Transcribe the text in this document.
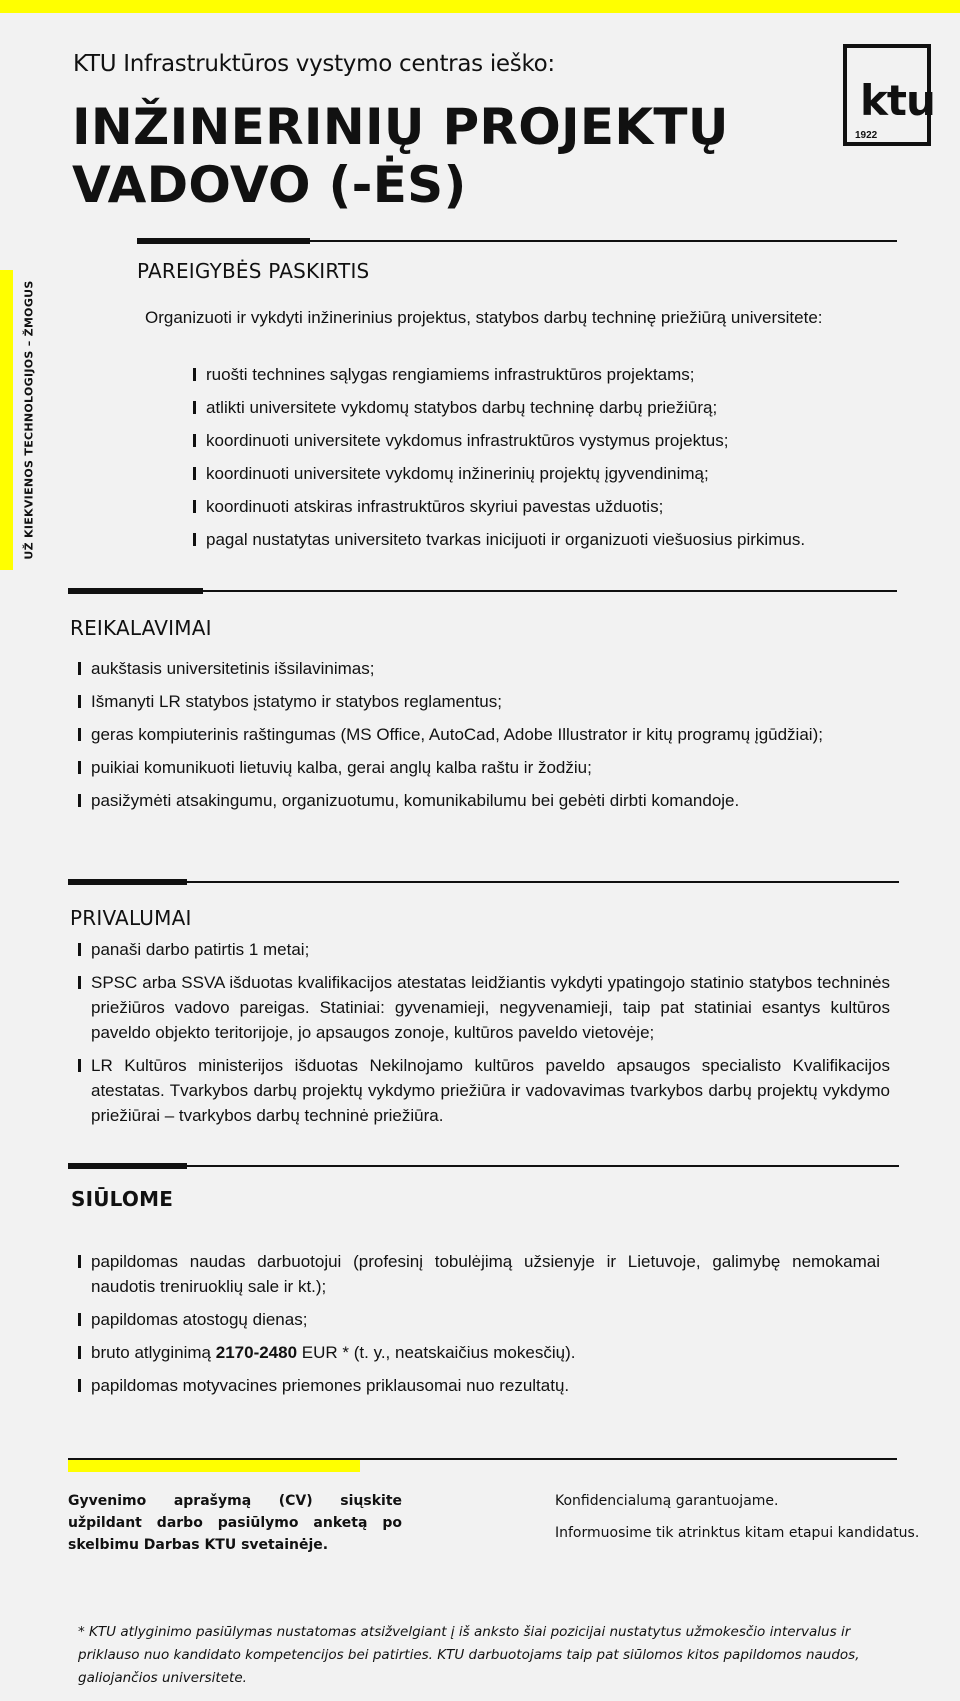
UŽ KIEKVIENOS TECHNOLOGIJOS – ŽMOGUS
KTU Infrastruktūros vystymo centras ieško:
INŽINERINIŲ PROJEKTŲ
VADOVO (-ĖS)
ktu
1922
PAREIGYBĖS PASKIRTIS
Organizuoti ir vykdyti inžinerinius projektus, statybos darbų techninę priežiūrą universitete:
ruošti technines sąlygas rengiamiems infrastruktūros projektams;
atlikti universitete vykdomų statybos darbų techninę darbų priežiūrą;
koordinuoti universitete vykdomus infrastruktūros vystymus projektus;
koordinuoti universitete vykdomų inžinerinių projektų įgyvendinimą;
koordinuoti atskiras infrastruktūros skyriui pavestas užduotis;
pagal nustatytas universiteto tvarkas inicijuoti ir organizuoti viešuosius pirkimus.
REIKALAVIMAI
aukštasis universitetinis išsilavinimas;
Išmanyti LR statybos įstatymo ir statybos reglamentus;
geras kompiuterinis raštingumas (MS Office, AutoCad, Adobe Illustrator ir kitų programų įgūdžiai);
puikiai komunikuoti lietuvių kalba, gerai anglų kalba raštu ir žodžiu;
pasižymėti atsakingumu, organizuotumu, komunikabilumu bei gebėti dirbti komandoje.
PRIVALUMAI
panaši darbo patirtis 1 metai;
SPSC arba SSVA išduotas kvalifikacijos atestatas leidžiantis vykdyti ypatingojo statinio statybos techninės priežiūros vadovo pareigas. Statiniai: gyvenamieji, negyvenamieji, taip pat statiniai esantys kultūros paveldo objekto teritorijoje, jo apsaugos zonoje, kultūros paveldo vietovėje;
LR Kultūros ministerijos išduotas Nekilnojamo kultūros paveldo apsaugos specialisto Kvalifikacijos atestatas. Tvarkybos darbų projektų vykdymo priežiūra ir vadovavimas tvarkybos darbų projektų vykdymo priežiūrai – tvarkybos darbų techninė priežiūra.
SIŪLOME
papildomas naudas darbuotojui (profesinį tobulėjimą užsienyje ir Lietuvoje, galimybę nemokamai naudotis treniruoklių sale ir kt.);
papildomas atostogų dienas;
bruto atlyginimą 2170-2480 EUR * (t. y., neatskaičius mokesčių).
papildomas motyvacines priemones priklausomai nuo rezultatų.
Gyvenimo aprašymą (CV) siųskite užpildant darbo pasiūlymo anketą po skelbimu Darbas KTU svetainėje.
Konfidencialumą garantuojame.
Informuosime tik atrinktus kitam etapui kandidatus.
* KTU atlyginimo pasiūlymas nustatomas atsižvelgiant į iš anksto šiai pozicijai nustatytus užmokesčio intervalus ir priklauso nuo kandidato kompetencijos bei patirties. KTU darbuotojams taip pat siūlomos kitos papildomos naudos, galiojančios universitete.
